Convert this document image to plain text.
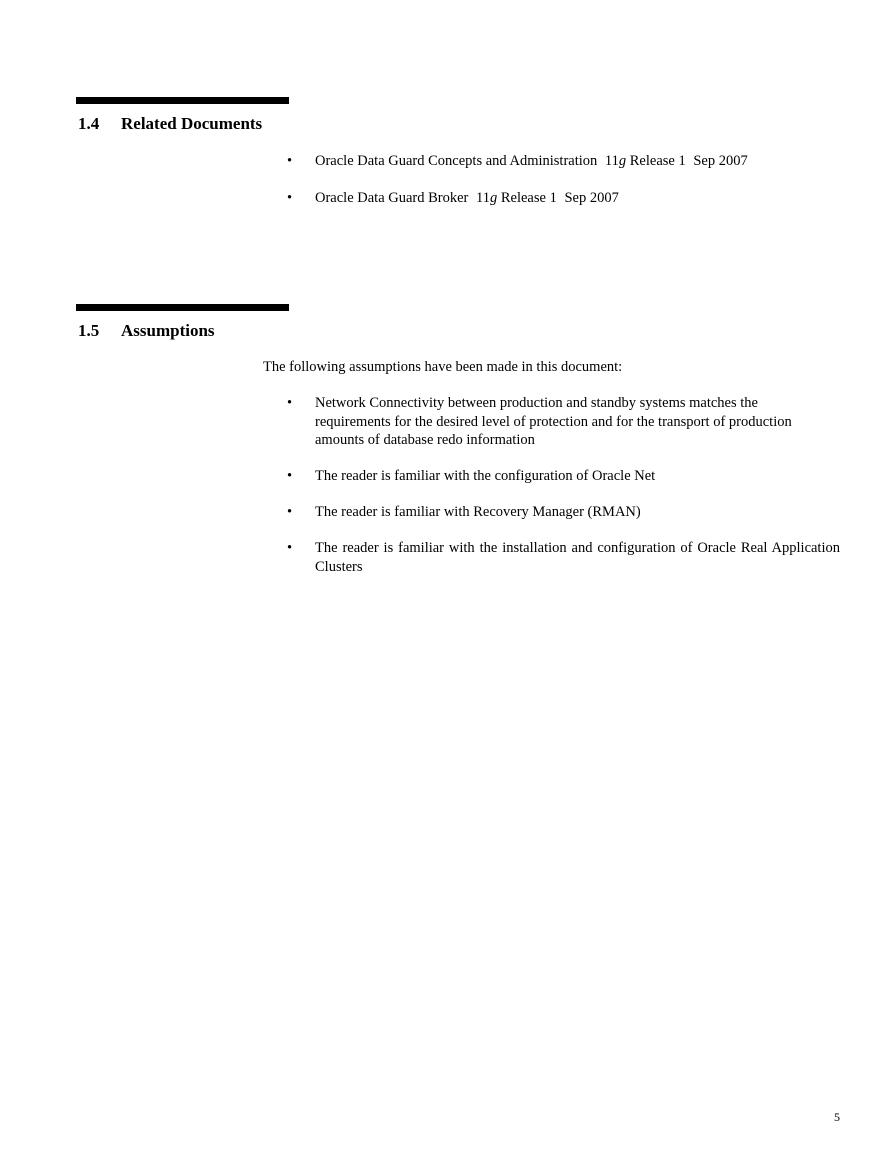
1.4 Related Documents
• Oracle Data Guard Concepts and Administration 11g Release 1 Sep 2007
• Oracle Data Guard Broker 11g Release 1 Sep 2007
1.5 Assumptions
The following assumptions have been made in this document:
• Network Connectivity between production and standby systems matches the requirements for the desired level of protection and for the transport of production amounts of database redo information
• The reader is familiar with the configuration of Oracle Net
• The reader is familiar with Recovery Manager (RMAN)
• The reader is familiar with the installation and configuration of Oracle Real Application Clusters
5
